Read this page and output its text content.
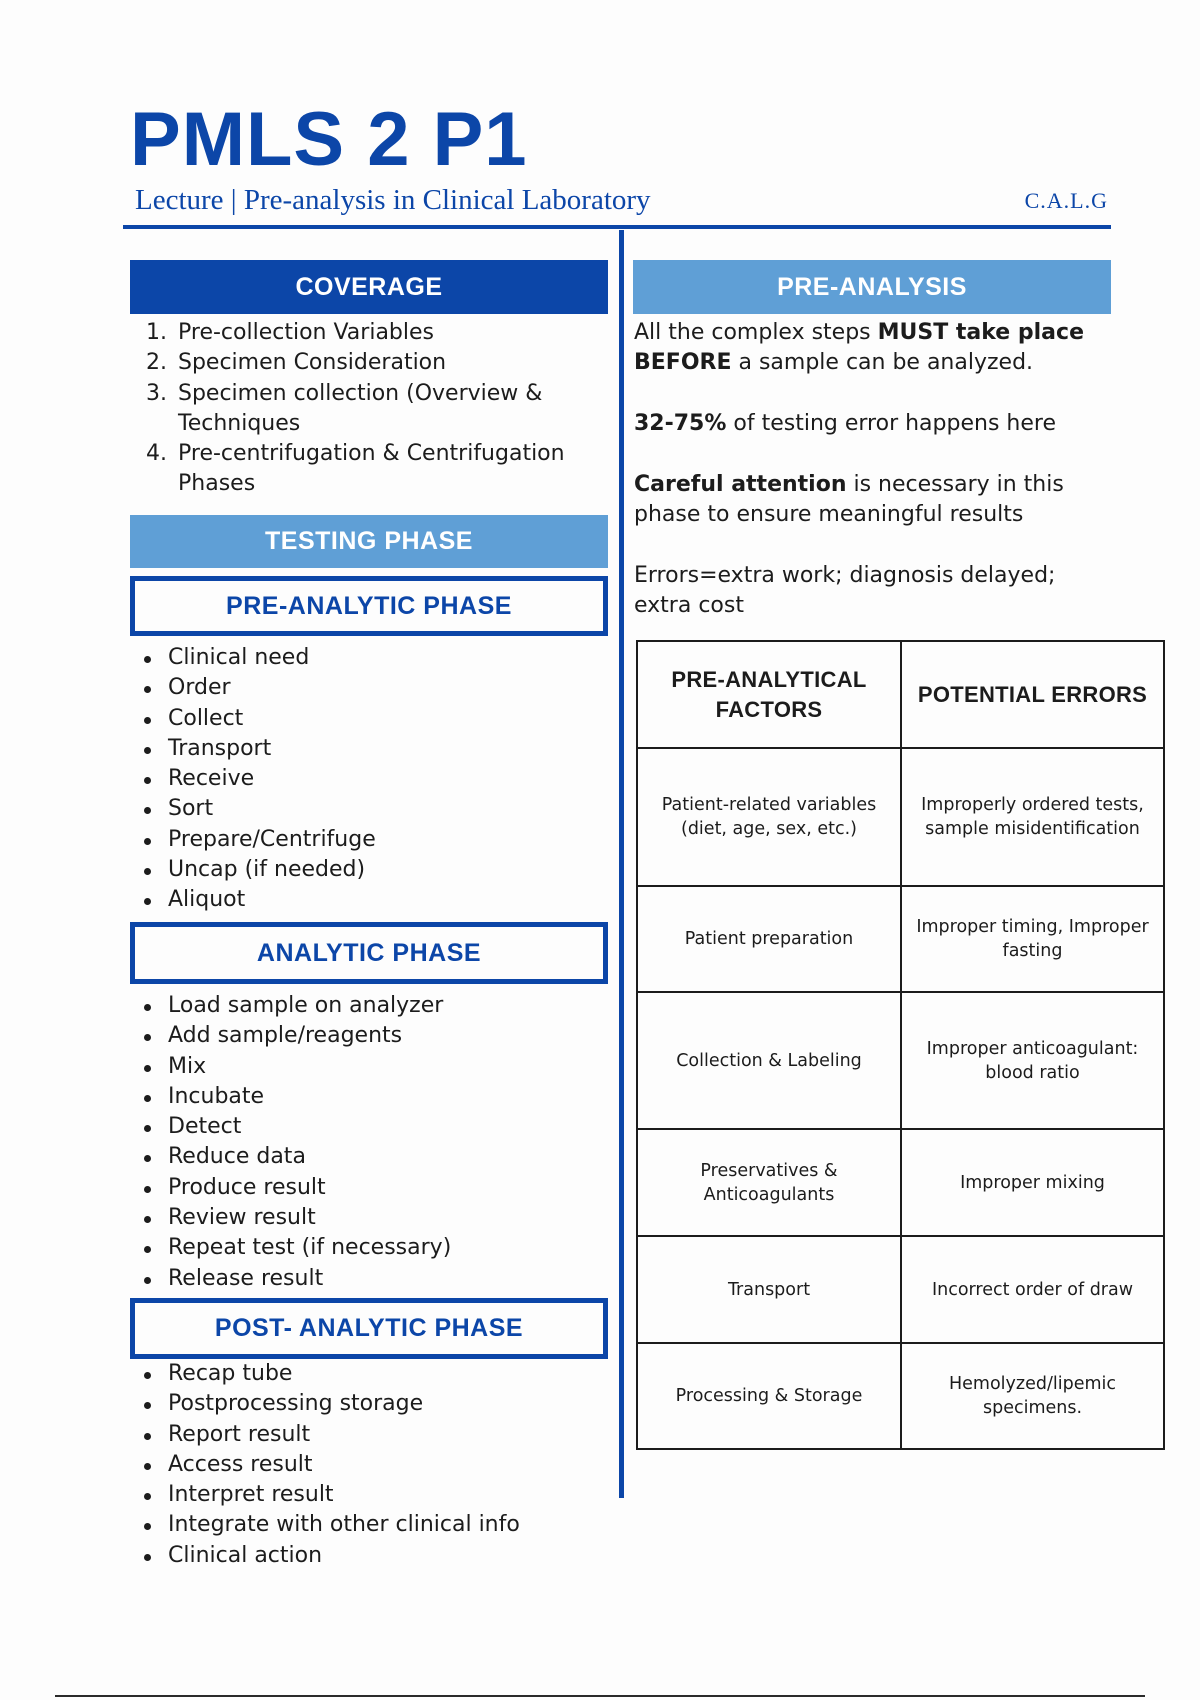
PMLS 2 P1
Lecture | Pre-analysis in Clinical Laboratory	C.A.L.G
COVERAGE
1. Pre-collection Variables
2. Specimen Consideration
3. Specimen collection (Overview & Techniques
4. Pre-centrifugation & Centrifugation Phases
TESTING PHASE
PRE-ANALYTIC PHASE
Clinical need
Order
Collect
Transport
Receive
Sort
Prepare/Centrifuge
Uncap (if needed)
Aliquot
ANALYTIC PHASE
Load sample on analyzer
Add sample/reagents
Mix
Incubate
Detect
Reduce data
Produce result
Review result
Repeat test (if necessary)
Release result
POST- ANALYTIC PHASE
Recap tube
Postprocessing storage
Report result
Access result
Interpret result
Integrate with other clinical info
Clinical action
PRE-ANALYSIS

All the complex steps MUST take place BEFORE a sample can be analyzed.

32-75% of testing error happens here

Careful attention is necessary in this phase to ensure meaningful results

Errors=extra work; diagnosis delayed; extra cost

PRE-ANALYTICAL FACTORS	POTENTIAL ERRORS
Patient-related variables (diet, age, sex, etc.)	Improperly ordered tests, sample misidentification
Patient preparation	Improper timing, Improper fasting
Collection & Labeling	Improper anticoagulant: blood ratio
Preservatives & Anticoagulants	Improper mixing
Transport	Incorrect order of draw
Processing & Storage	Hemolyzed/lipemic specimens.
